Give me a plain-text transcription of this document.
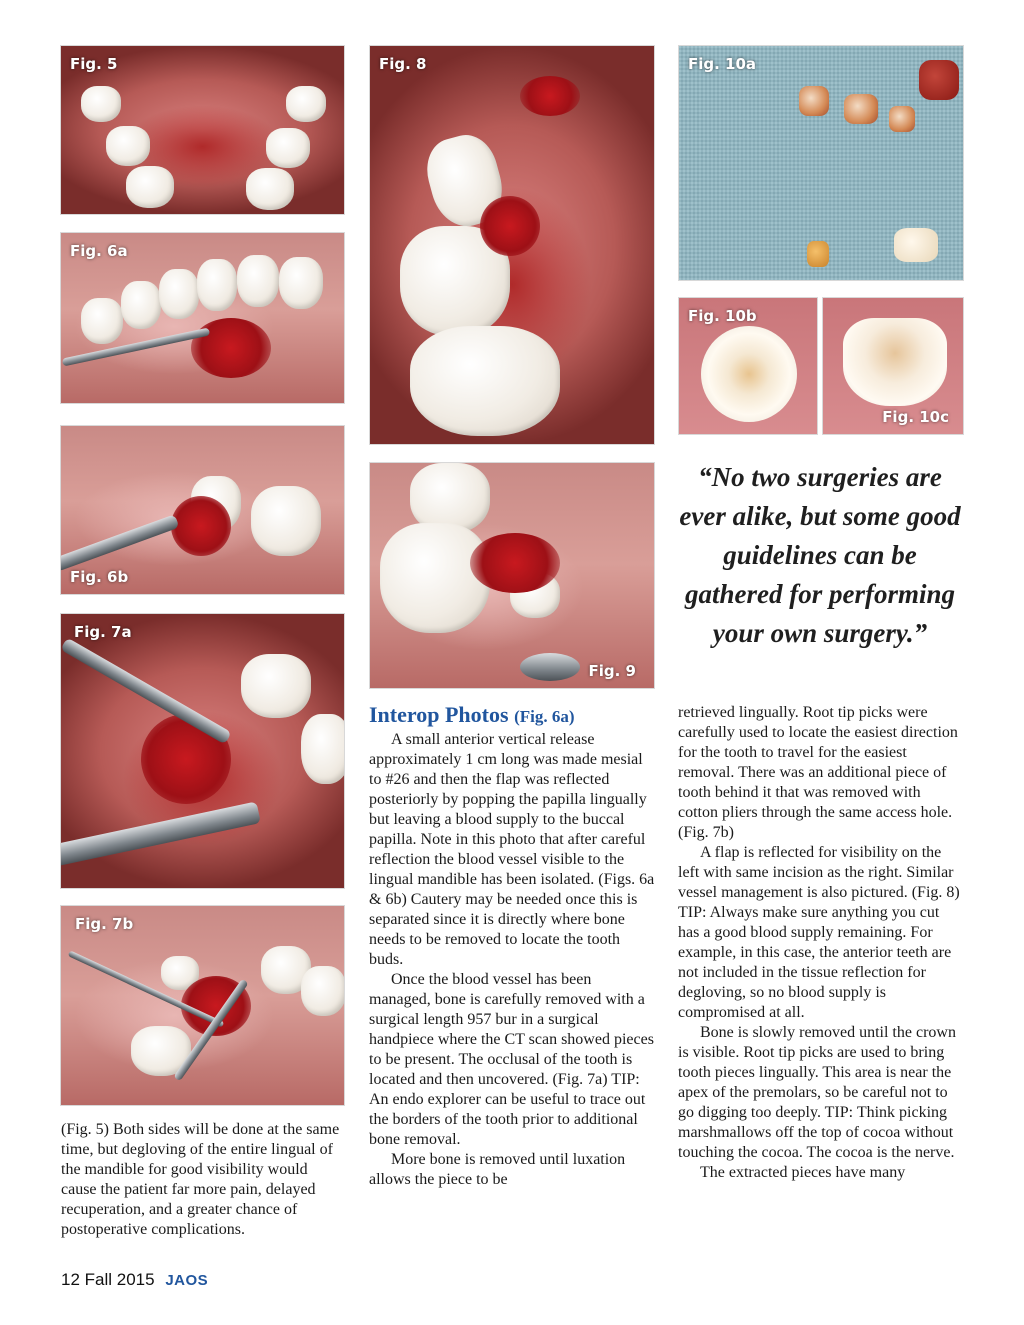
Fig. 5
Fig. 6a
Fig. 6b
Fig. 7a
Fig. 7b
Fig. 8
Fig. 9
Fig. 10a
Fig. 10b
Fig. 10c
“No two surgeries are ever alike, but some good guidelines can be gathered for performing your own surgery.”
(Fig. 5) Both sides will be done at the same time, but degloving of the entire lingual of the mandible for good visibility would cause the patient far more pain, delayed recuperation, and a greater chance of postoperative complications.
Interop Photos (Fig. 6a)

A small anterior vertical release approximately 1 cm long was made mesial to #26 and then the flap was reflected posteriorly by popping the papilla lingually but leaving a blood supply to the buccal papilla. Note in this photo that after careful reflection the blood vessel visible to the lingual mandible has been isolated. (Figs. 6a & 6b) Cautery may be needed once this is separated since it is directly where bone needs to be removed to locate the tooth buds.

Once the blood vessel has been managed, bone is carefully removed with a surgical length 957 bur in a surgical handpiece where the CT scan showed pieces to be present. The occlusal of the tooth is located and then uncovered. (Fig. 7a) TIP: An endo explorer can be useful to trace out the borders of the tooth prior to additional bone removal.

More bone is removed until luxation allows the piece to be

retrieved lingually. Root tip picks were carefully used to locate the easiest direction for the tooth to travel for the easiest removal. There was an additional piece of tooth behind it that was removed with cotton pliers through the same access hole. (Fig. 7b)

A flap is reflected for visibility on the left with same incision as the right. Similar vessel management is also pictured. (Fig. 8) TIP: Always make sure anything you cut has a good blood supply remaining. For example, in this case, the anterior teeth are not included in the tissue reflection for degloving, so no blood supply is compromised at all.

Bone is slowly removed until the crown is visible. Root tip picks are used to bring tooth pieces lingually. This area is near the apex of the premolars, so be careful not to go digging too deeply. TIP: Think picking marshmallows off the top of cocoa without touching the cocoa. The cocoa is the nerve.

The extracted pieces have many

12 Fall 2015 JAOS
